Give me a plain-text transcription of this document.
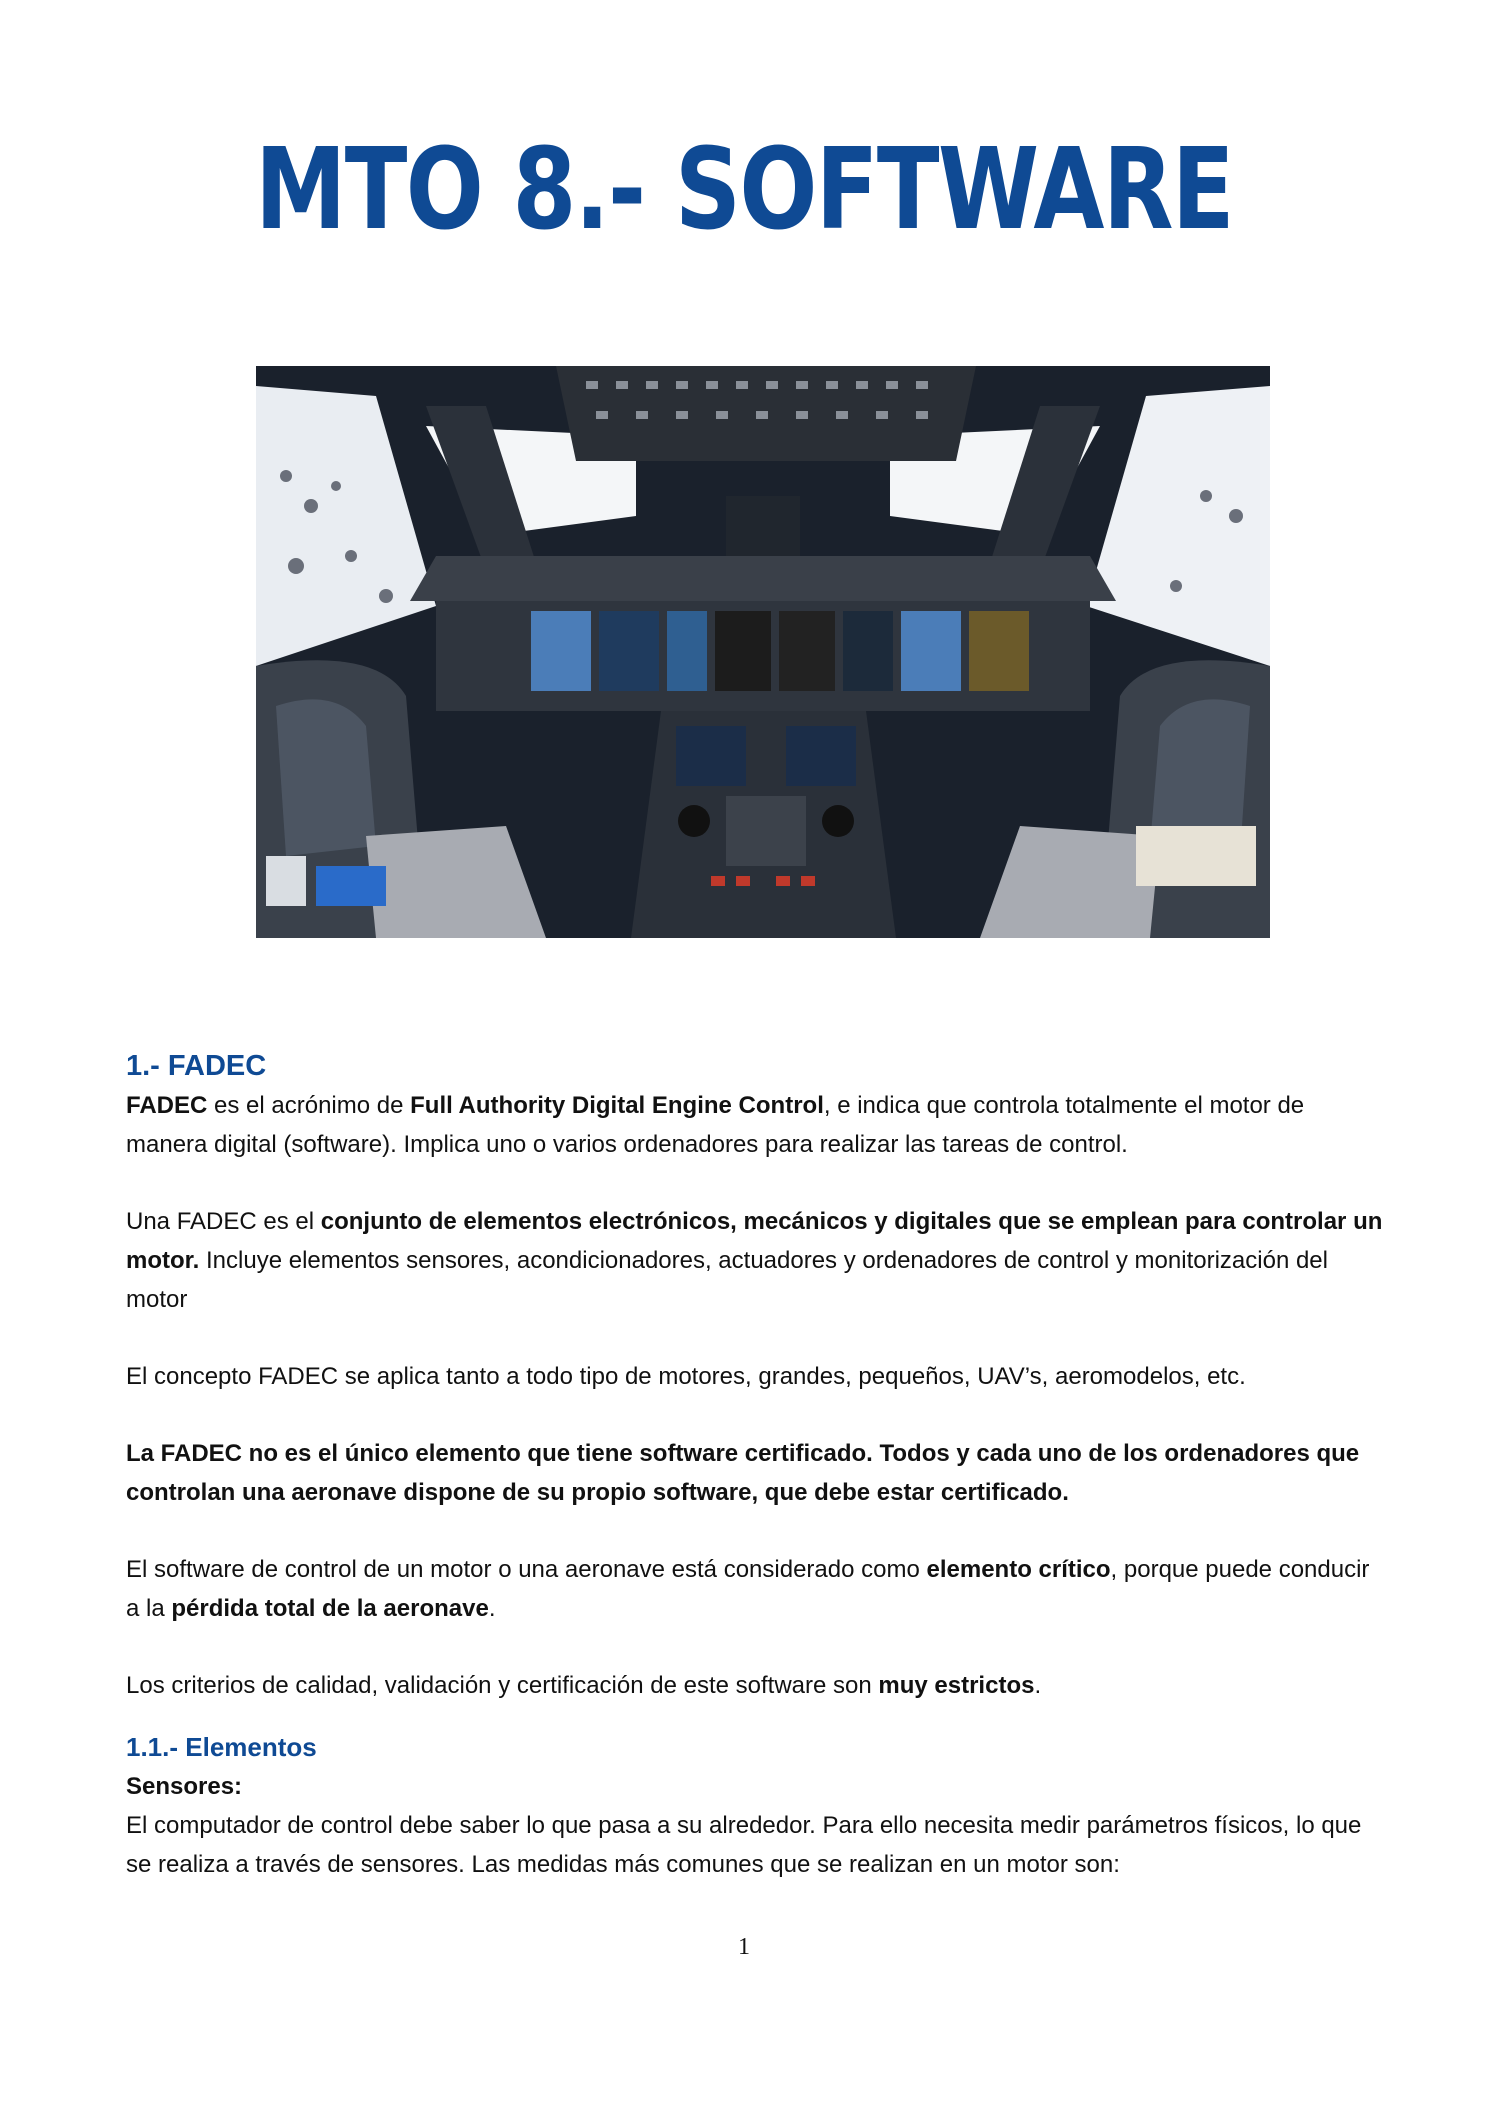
MTO 8.- SOFTWARE
1.- FADEC

FADEC es el acrónimo de Full Authority Digital Engine Control, e indica que controla totalmente el motor de manera digital (software). Implica uno o varios ordenadores para realizar las tareas de control.

Una FADEC es el conjunto de elementos electrónicos, mecánicos y digitales que se emplean para controlar un motor. Incluye elementos sensores, acondicionadores, actuadores y ordenadores de control y monitorización del motor

El concepto FADEC se aplica tanto a todo tipo de motores, grandes, pequeños, UAV’s, aeromodelos, etc.

La FADEC no es el único elemento que tiene software certificado. Todos y cada uno de los ordenadores que controlan una aeronave dispone de su propio software, que debe estar certificado.

El software de control de un motor o una aeronave está considerado como elemento crítico, porque puede conducir a la pérdida total de la aeronave.

Los criterios de calidad, validación y certificación de este software son muy estrictos.

1.1.- Elementos
Sensores:

El computador de control debe saber lo que pasa a su alrededor. Para ello necesita medir parámetros físicos, lo que se realiza a través de sensores. Las medidas más comunes que se realizan en un motor son:

1
